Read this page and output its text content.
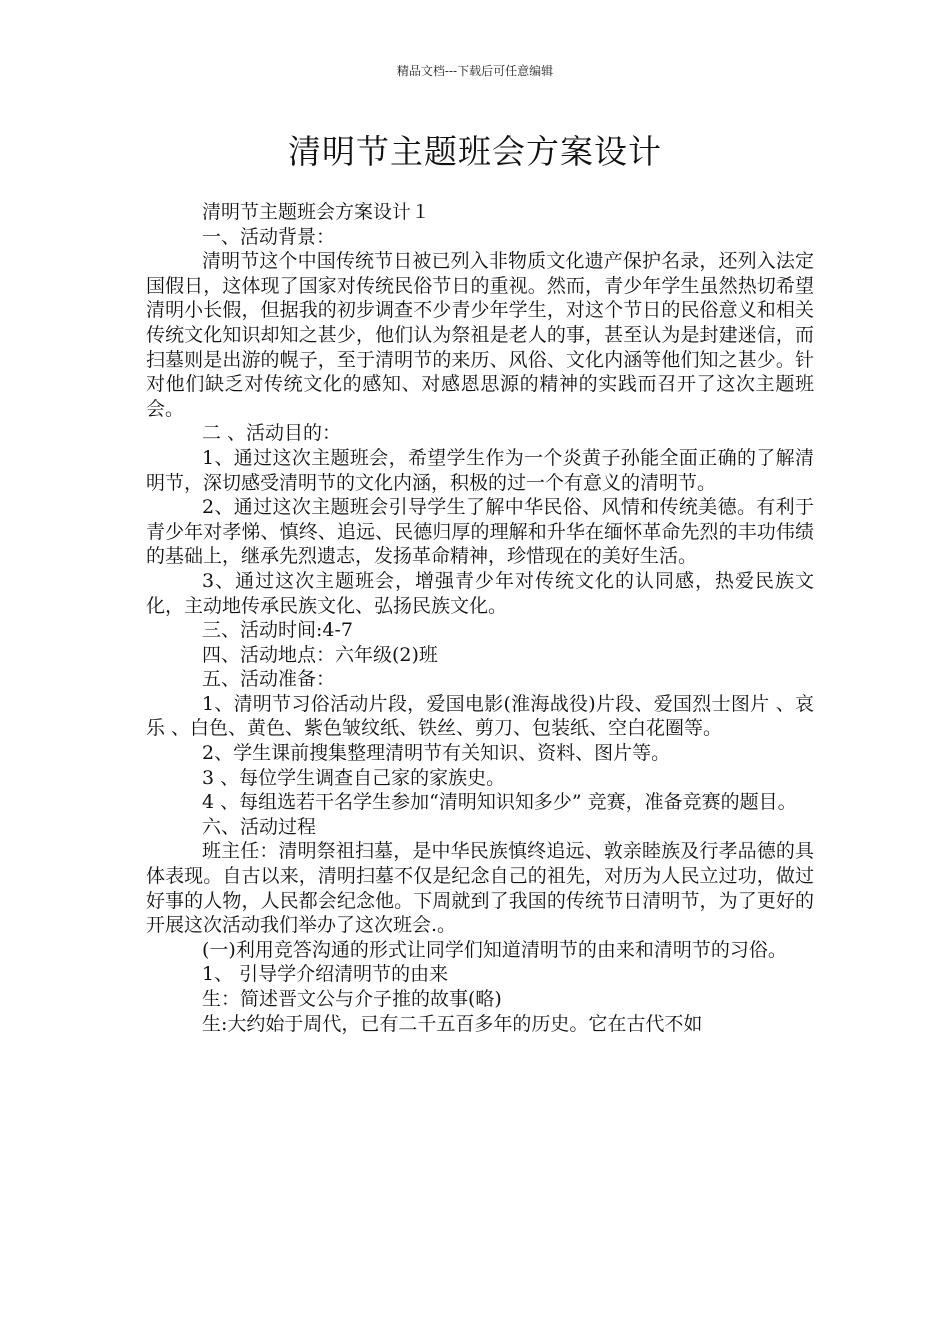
精品文档---下载后可任意编辑
清明节主题班会方案设计

清明节主题班会方案设计１

一、活动背景：

清明节这个中国传统节日被已列入非物质文化遗产保护名录，还列入法定国假日，这体现了国家对传统民俗节日的重视。然而，青少年学生虽然热切希望清明小长假，但据我的初步调查不少青少年学生，对这个节日的民俗意义和相关传统文化知识却知之甚少，他们认为祭祖是老人的事，甚至认为是封建迷信，而扫墓则是出游的幌子，至于清明节的来历、风俗、文化内涵等他们知之甚少。针对他们缺乏对传统文化的感知、对感恩思源的精神的实践而召开了这次主题班会。

二 、活动目的：

1、通过这次主题班会，希望学生作为一个炎黄子孙能全面正确的了解清明节，深切感受清明节的文化内涵，积极的过一个有意义的清明节。

2、通过这次主题班会引导学生了解中华民俗、风情和传统美德。有利于青少年对孝悌、慎终、追远、民德归厚的理解和升华在缅怀革命先烈的丰功伟绩的基础上，继承先烈遗志，发扬革命精神，珍惜现在的美好生活。

3、通过这次主题班会，增强青少年对传统文化的认同感，热爱民族文化，主动地传承民族文化、弘扬民族文化。

三、活动时间:4-7

四、活动地点：六年级(2)班

五、活动准备：

1、清明节习俗活动片段，爱国电影(淮海战役)片段、爱国烈士图片 、哀乐 、白色、黄色、紫色皱纹纸、铁丝、剪刀、包装纸、空白花圈等。

2、学生课前搜集整理清明节有关知识、资料、图片等。

3 、每位学生调查自己家的家族史。

4 、每组选若干名学生参加“清明知识知多少” 竞赛，准备竞赛的题目。

六、活动过程

班主任：清明祭祖扫墓，是中华民族慎终追远、敦亲睦族及行孝品德的具体表现。自古以来，清明扫墓不仅是纪念自己的祖先，对历为人民立过功，做过好事的人物，人民都会纪念他。下周就到了我国的传统节日清明节，为了更好的开展这次活动我们举办了这次班会.。

(一)利用竞答沟通的形式让同学们知道清明节的由来和清明节的习俗。

1、 引导学介绍清明节的由来

生：简述晋文公与介子推的故事(略)

生:大约始于周代，已有二千五百多年的历史。它在古代不如
